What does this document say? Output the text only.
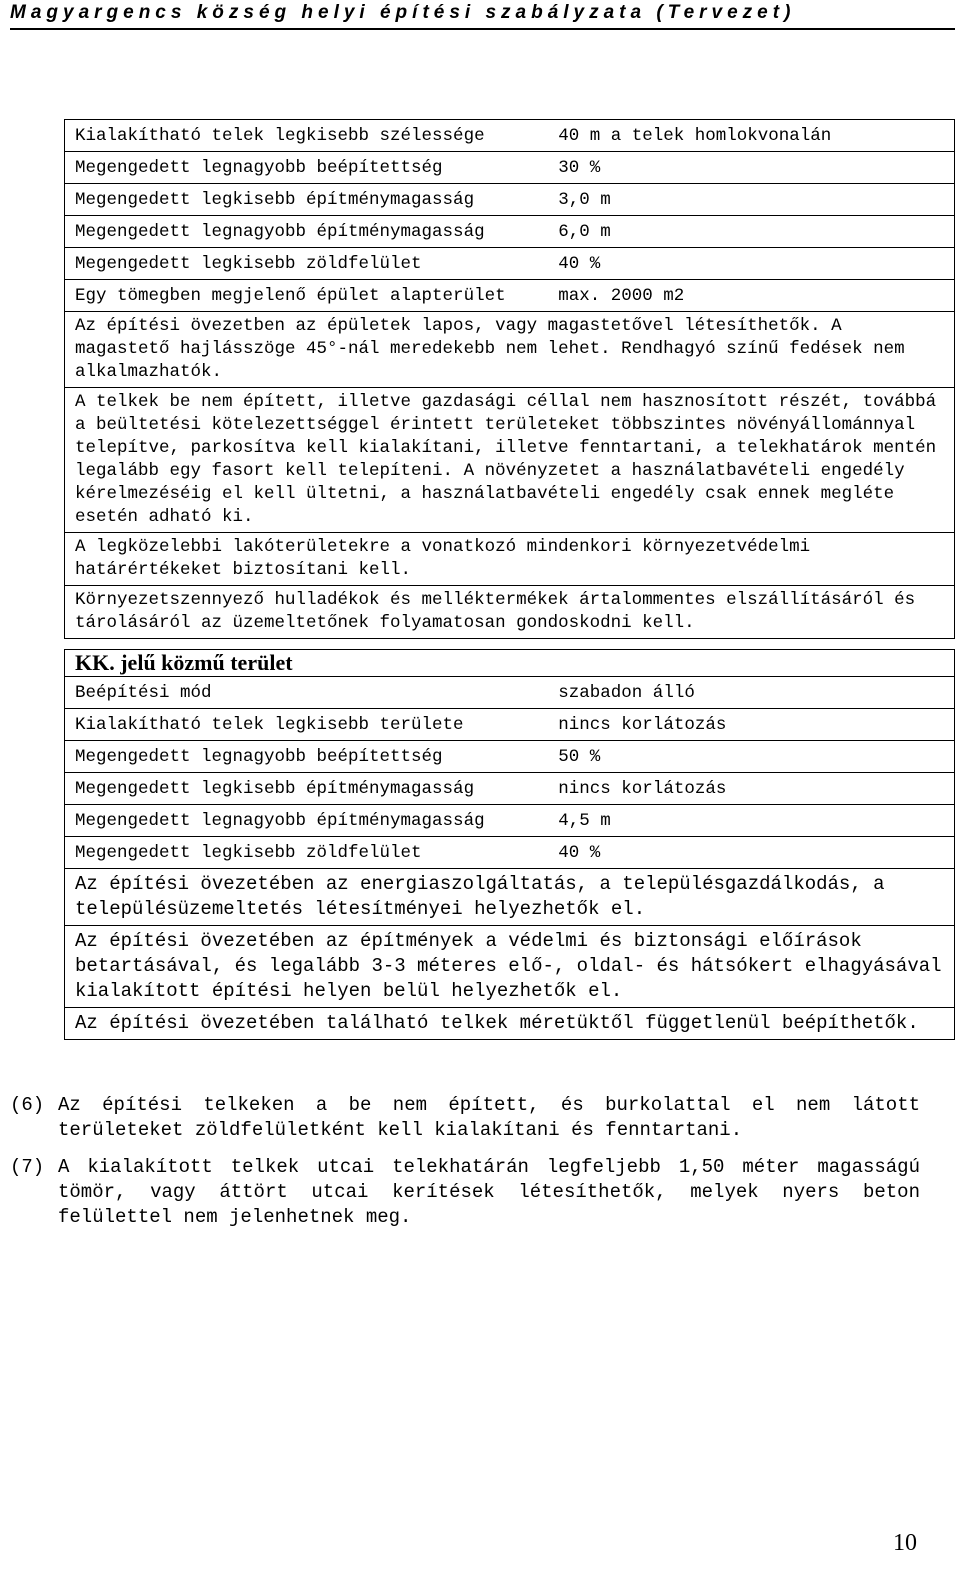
Magyargencs község helyi építési szabályzata (Tervezet)
Kialakítható telek legkisebb szélessége	40 m a telek homlokvonalán
Megengedett legnagyobb beépítettség	30 %
Megengedett legkisebb építménymagasság	3,0 m
Megengedett legnagyobb építménymagasság	6,0 m
Megengedett legkisebb zöldfelület	40 %
Egy tömegben megjelenő épület alapterület	max. 2000 m2
Az építési övezetben az épületek lapos, vagy magastetővel létesíthetők. A magastető hajlásszöge 45°-nál meredekebb nem lehet. Rendhagyó színű fedések nem alkalmazhatók.	
A telkek be nem épített, illetve gazdasági céllal nem hasznosított részét, továbbá a beültetési kötelezettséggel érintett területeket többszintes növényállománnyal telepítve, parkosítva kell kialakítani, illetve fenntartani, a telekhatárok mentén legalább egy fasort kell telepíteni. A növényzetet a használatbavételi engedély kérelmezéséig el kell ültetni, a használatbavételi engedély csak ennek megléte esetén adható ki.	
A legközelebbi lakóterületekre a vonatkozó mindenkori környezetvédelmi határértékeket biztosítani kell.	
Környezetszennyező hulladékok és melléktermékek ártalommentes elszállításáról és tárolásáról az üzemeltetőnek folyamatosan gondoskodni kell.	
KK. jelű közmű terület	
Beépítési mód	szabadon álló
Kialakítható telek legkisebb területe	nincs korlátozás
Megengedett legnagyobb beépítettség	50 %
Megengedett legkisebb építménymagasság	nincs korlátozás
Megengedett legnagyobb építménymagasság	4,5 m
Megengedett legkisebb zöldfelület	40 %
Az építési övezetében az energiaszolgáltatás, a településgazdálkodás, a településüzemeltetés létesítményei helyezhetők el.	
Az építési övezetében az építmények a védelmi és biztonsági előírások betartásával, és legalább 3-3 méteres elő-, oldal- és hátsókert elhagyásával kialakított építési helyen belül helyezhetők el.	
Az építési övezetében található telkek méretüktől függetlenül beépíthetők.	
(6) Az építési telkeken a be nem épített, és burkolattal el nem látott területeket zöldfelületként kell kialakítani és fenntartani.
(7) A kialakított telkek utcai telekhatárán legfeljebb 1,50 méter magasságú tömör, vagy áttört utcai kerítések létesíthetők, melyek nyers beton felülettel nem jelenhetnek meg.
10
